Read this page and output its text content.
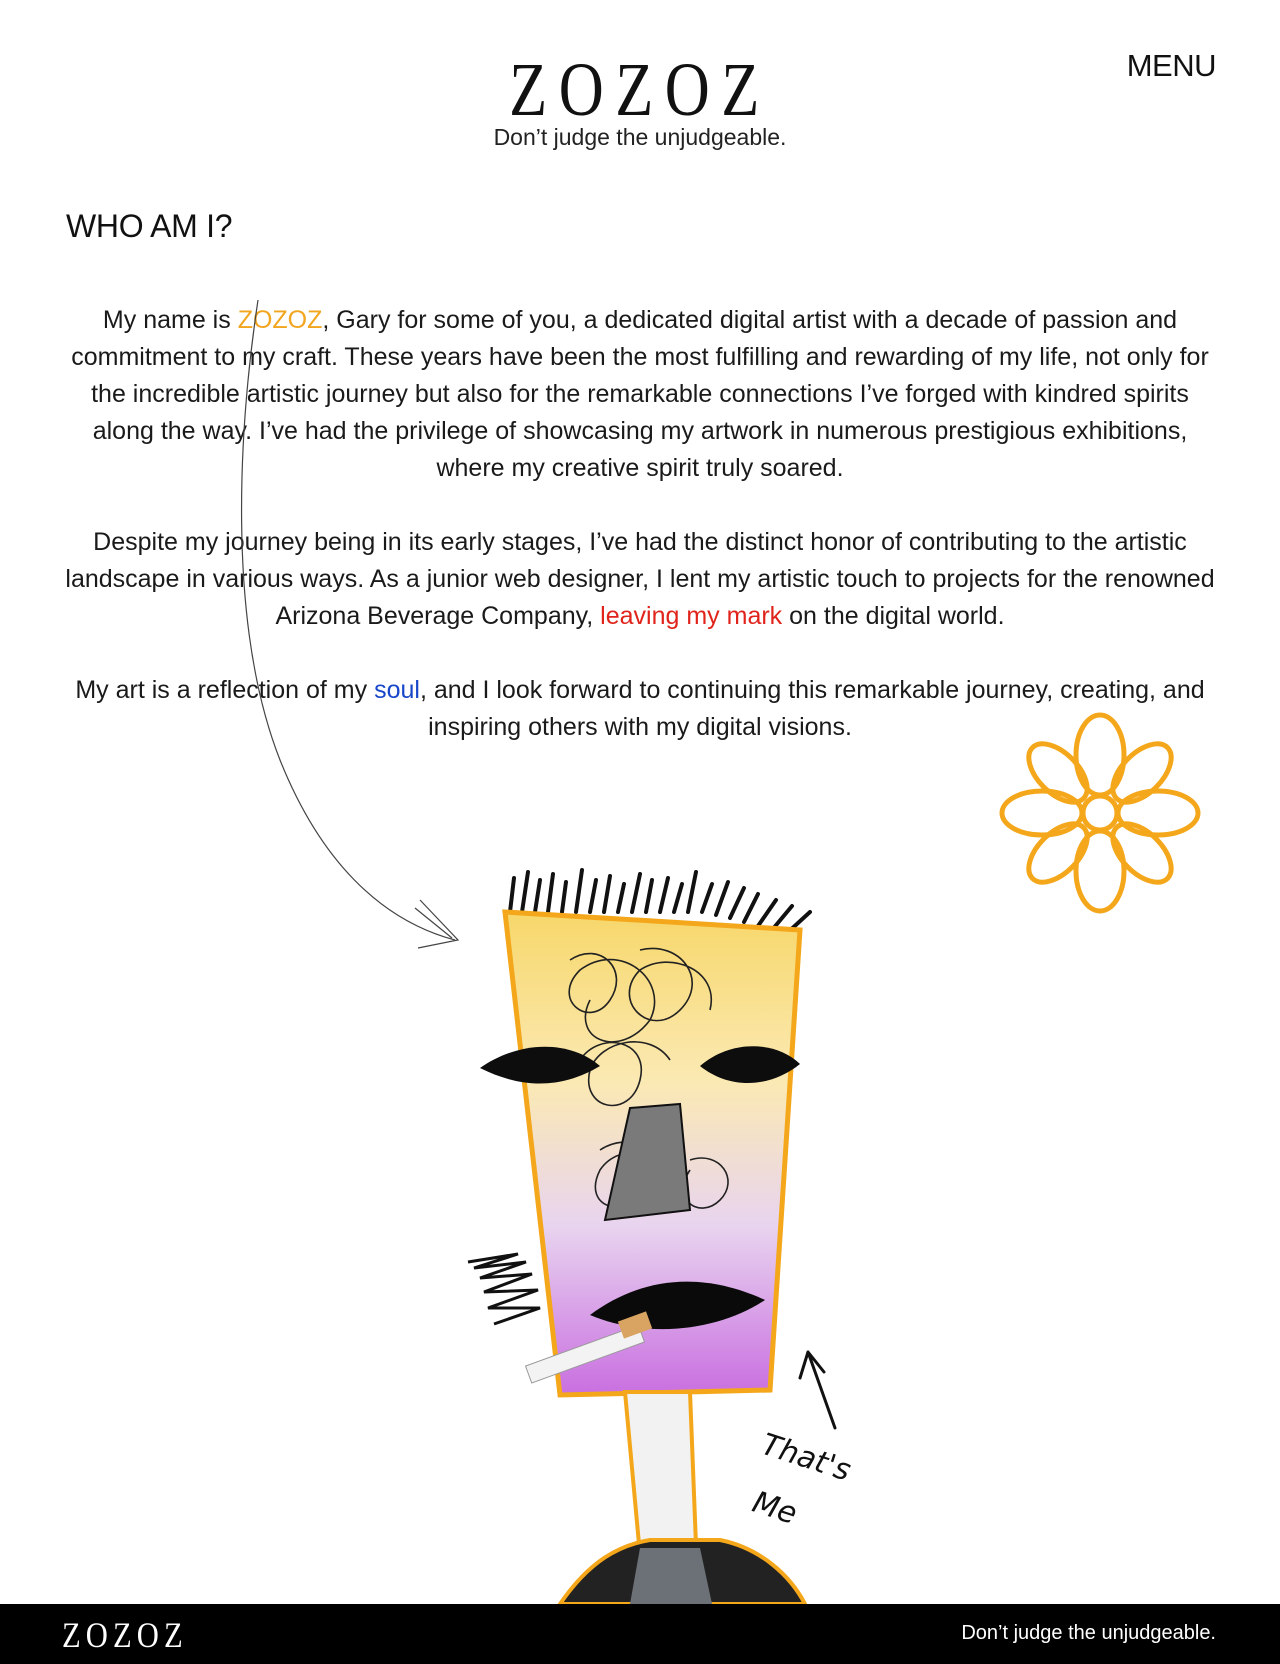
ZOZOZ
Don’t judge the unjudgeable.
MENU
WHO AM I?

My name is ZOZOZ, Gary for some of you, a dedicated digital artist with a decade of passion and commitment to my craft. These years have been the most fulfilling and rewarding of my life, not only for the incredible artistic journey but also for the remarkable connections I’ve forged with kindred spirits along the way. I’ve had the privilege of showcasing my artwork in numerous prestigious exhibitions, where my creative spirit truly soared.

Despite my journey being in its early stages, I’ve had the distinct honor of contributing to the artistic landscape in various ways. As a junior web designer, I lent my artistic touch to projects for the renowned Arizona Beverage Company, leaving my mark on the digital world.

My art is a reflection of my soul, and I look forward to continuing this remarkable journey, creating, and inspiring others with my digital visions.

That's
Me
ZOZOZ	Don’t judge the unjudgeable.
